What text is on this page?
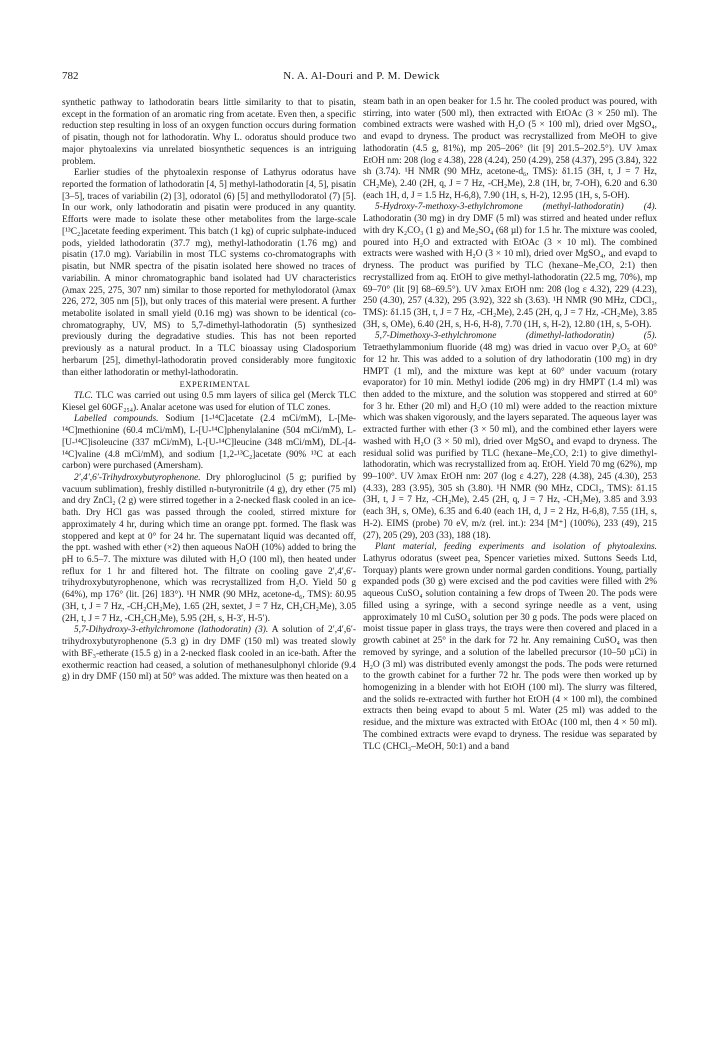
782	N. A. Al-Douri and P. M. Dewick

synthetic pathway to lathodoratin bears little similarity to that to pisatin, except in the formation of an aromatic ring from acetate. Even then, a specific reduction step resulting in loss of an oxygen function occurs during formation of pisatin, though not for lathodoratin. Why L. odoratus should produce two major phytoalexins via unrelated biosynthetic sequences is an intriguing problem.

Earlier studies of the phytoalexin response of Lathyrus odoratus have reported the formation of lathodoratin [4, 5] methyl-lathodoratin [4, 5], pisatin [3–5], traces of variabilin (2) [3], odoratol (6) [5] and methyllodoratol (7) [5]. In our work, only lathodoratin and pisatin were produced in any quantity. Efforts were made to isolate these other metabolites from the large-scale [¹³C₂]acetate feeding experiment. This batch (1 kg) of cupric sulphate-induced pods, yielded lathodoratin (37.7 mg), methyl-lathodoratin (1.76 mg) and pisatin (17.0 mg). Variabilin in most TLC systems co-chromatographs with pisatin, but NMR spectra of the pisatin isolated here showed no traces of variabilin. A minor chromatographic band isolated had UV characteristics (λmax 225, 275, 307 nm) similar to those reported for methylodoratol (λmax 226, 272, 305 nm [5]), but only traces of this material were present. A further metabolite isolated in small yield (0.16 mg) was shown to be identical (co-chromatography, UV, MS) to 5,7-dimethyl-lathodoratin (5) synthesized previously during the degradative studies. This has not been reported previously as a natural product. In a TLC bioassay using Cladosporium herbarum [25], dimethyl-lathodoratin proved considerably more fungitoxic than either lathodoratin or methyl-lathodoratin.

EXPERIMENTAL

TLC. TLC was carried out using 0.5 mm layers of silica gel (Merck TLC Kiesel gel 60GF₂₅₄). Analar acetone was used for elution of TLC zones.

Labelled compounds. Sodium [1-¹⁴C]acetate (2.4 mCi/mM), L-[Me-¹⁴C]methionine (60.4 mCi/mM), L-[U-¹⁴C]phenylalanine (504 mCi/mM), L-[U-¹⁴C]isoleucine (337 mCi/mM), L-[U-¹⁴C]leucine (348 mCi/mM), DL-[4-¹⁴C]valine (4.8 mCi/mM), and sodium [1,2-¹³C₂]acetate (90% ¹³C at each carbon) were purchased (Amersham).

2′,4′,6′-Trihydroxybutyrophenone. Dry phloroglucinol (5 g; purified by vacuum sublimation), freshly distilled n-butyronitrile (4 g), dry ether (75 ml) and dry ZnCl₂ (2 g) were stirred together in a 2-necked flask cooled in an ice-bath. Dry HCl gas was passed through the cooled, stirred mixture for approximately 4 hr, during which time an orange ppt. formed. The flask was stoppered and kept at 0° for 24 hr. The supernatant liquid was decanted off, the ppt. washed with ether (×2) then aqueous NaOH (10%) added to bring the pH to 6.5–7. The mixture was diluted with H₂O (100 ml), then heated under reflux for 1 hr and filtered hot. The filtrate on cooling gave 2′,4′,6′-trihydroxybutyrophenone, which was recrystallized from H₂O. Yield 50 g (64%), mp 176° (lit. [26] 183°). ¹H NMR (90 MHz, acetone-d₆, TMS): δ0.95 (3H, t, J = 7 Hz, -CH₂CH₂Me), 1.65 (2H, sextet, J = 7 Hz, CH₂CH₂Me), 3.05 (2H, t, J = 7 Hz, -CH₂CH₂Me), 5.95 (2H, s, H-3′, H-5′).

5,7-Dihydroxy-3-ethylchromone (lathodoratin) (3). A solution of 2′,4′,6′-trihydroxybutyrophenone (5.3 g) in dry DMF (150 ml) was treated slowly with BF₃-etherate (15.5 g) in a 2-necked flask cooled in an ice-bath. After the exothermic reaction had ceased, a solution of methanesulphonyl chloride (9.4 g) in dry DMF (150 ml) at 50° was added. The mixture was then heated on a

steam bath in an open beaker for 1.5 hr. The cooled product was poured, with stirring, into water (500 ml), then extracted with EtOAc (3 × 250 ml). The combined extracts were washed with H₂O (5 × 100 ml), dried over MgSO₄, and evapd to dryness. The product was recrystallized from MeOH to give lathodoratin (4.5 g, 81%), mp 205–206° (lit [9] 201.5–202.5°). UV λmax EtOH nm: 208 (log ε 4.38), 228 (4.24), 250 (4.29), 258 (4.37), 295 (3.84), 322 sh (3.74). ¹H NMR (90 MHz, acetone-d₆, TMS): δ1.15 (3H, t, J = 7 Hz, CH₂Me), 2.40 (2H, q, J = 7 Hz, -CH₂Me), 2.8 (1H, br, 7-OH), 6.20 and 6.30 (each 1H, d, J = 1.5 Hz, H-6,8), 7.90 (1H, s, H-2), 12.95 (1H, s, 5-OH).

5-Hydroxy-7-methoxy-3-ethylchromone (methyl-lathodoratin) (4). Lathodoratin (30 mg) in dry DMF (5 ml) was stirred and heated under reflux with dry K₂CO₃ (1 g) and Me₂SO₄ (68 µl) for 1.5 hr. The mixture was cooled, poured into H₂O and extracted with EtOAc (3 × 10 ml). The combined extracts were washed with H₂O (3 × 10 ml), dried over MgSO₄, and evapd to dryness. The product was purified by TLC (hexane–Me₂CO, 2:1) then recrystallized from aq. EtOH to give methyl-lathodoratin (22.5 mg, 70%), mp 69–70° (lit [9] 68–69.5°). UV λmax EtOH nm: 208 (log ε 4.32), 229 (4.23), 250 (4.30), 257 (4.32), 295 (3.92), 322 sh (3.63). ¹H NMR (90 MHz, CDCl₃, TMS): δ1.15 (3H, t, J = 7 Hz, -CH₂Me), 2.45 (2H, q, J = 7 Hz, -CH₂Me), 3.85 (3H, s, OMe), 6.40 (2H, s, H-6, H-8), 7.70 (1H, s, H-2), 12.80 (1H, s, 5-OH).

5,7-Dimethoxy-3-ethylchromone (dimethyl-lathodoratin) (5). Tetraethylammonium fluoride (48 mg) was dried in vacuo over P₂O₅ at 60° for 12 hr. This was added to a solution of dry lathodoratin (100 mg) in dry HMPT (1 ml), and the mixture was kept at 60° under vacuum (rotary evaporator) for 10 min. Methyl iodide (206 mg) in dry HMPT (1.4 ml) was then added to the mixture, and the solution was stoppered and stirred at 60° for 3 hr. Ether (20 ml) and H₂O (10 ml) were added to the reaction mixture which was shaken vigorously, and the layers separated. The aqueous layer was extracted further with ether (3 × 50 ml), and the combined ether layers were washed with H₂O (3 × 50 ml), dried over MgSO₄ and evapd to dryness. The residual solid was purified by TLC (hexane–Me₂CO, 2:1) to give dimethyl-lathodoratin, which was recrystallized from aq. EtOH. Yield 70 mg (62%), mp 99–100°. UV λmax EtOH nm: 207 (log ε 4.27), 228 (4.38), 245 (4.30), 253 (4.33), 283 (3.95), 305 sh (3.80). ¹H NMR (90 MHz, CDCl₃, TMS): δ1.15 (3H, t, J = 7 Hz, -CH₂Me), 2.45 (2H, q, J = 7 Hz, -CH₂Me), 3.85 and 3.93 (each 3H, s, OMe), 6.35 and 6.40 (each 1H, d, J = 2 Hz, H-6,8), 7.55 (1H, s, H-2). EIMS (probe) 70 eV, m/z (rel. int.): 234 [M⁺] (100%), 233 (49), 215 (27), 205 (29), 203 (33), 188 (18).

Plant material, feeding experiments and isolation of phytoalexins. Lathyrus odoratus (sweet pea, Spencer varieties mixed. Suttons Seeds Ltd, Torquay) plants were grown under normal garden conditions. Young, partially expanded pods (30 g) were excised and the pod cavities were filled with 2% aqueous CuSO₄ solution containing a few drops of Tween 20. The pods were filled using a syringe, with a second syringe needle as a vent, using approximately 10 ml CuSO₄ solution per 30 g pods. The pods were placed on moist tissue paper in glass trays, the trays were then covered and placed in a growth cabinet at 25° in the dark for 72 hr. Any remaining CuSO₄ was then removed by syringe, and a solution of the labelled precursor (10–50 µCi) in H₂O (3 ml) was distributed evenly amongst the pods. The pods were returned to the growth cabinet for a further 72 hr. The pods were then worked up by homogenizing in a blender with hot EtOH (100 ml). The slurry was filtered, and the solids re-extracted with further hot EtOH (4 × 100 ml), the combined extracts then being evapd to about 5 ml. Water (25 ml) was added to the residue, and the mixture was extracted with EtOAc (100 ml, then 4 × 50 ml). The combined extracts were evapd to dryness. The residue was separated by TLC (CHCl₃–MeOH, 50:1) and a band
